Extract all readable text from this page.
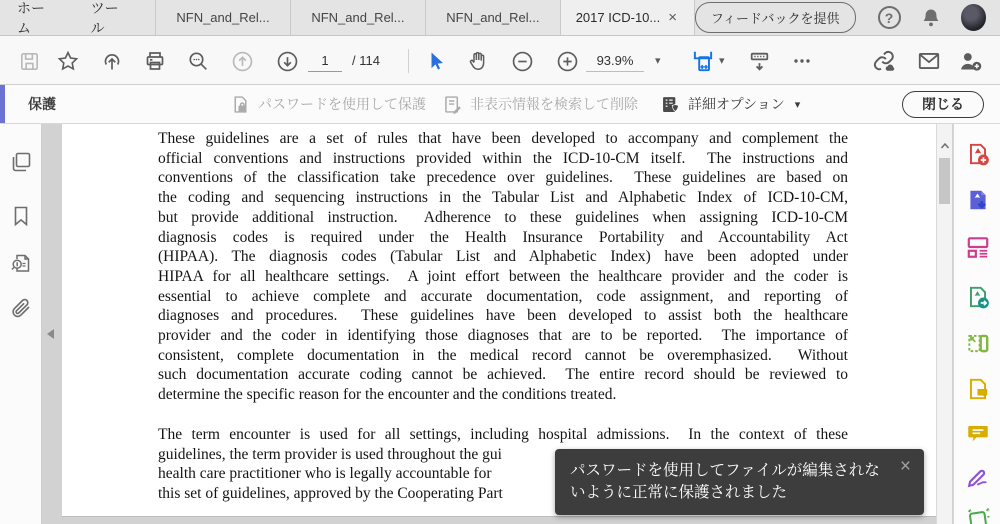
ホーム
ツール
NFN_and_Rel...	NFN_and_Rel...	NFN_and_Rel...	2017 ICD-10... ×	フィードバックを提供	?
1	/ 114	93.9%	▾	▾
保護	パスワードを使用して保護	非表示情報を検索して削除	詳細オプション ▾	閉じる
These guidelines are a set of rules that have been developed to accompany and complement the
official conventions and instructions provided within the ICD-10-CM itself.  The instructions and
conventions of the classification take precedence over guidelines.  These guidelines are based on
the coding and sequencing instructions in the Tabular List and Alphabetic Index of ICD-10-CM,
but provide additional instruction.  Adherence to these guidelines when assigning ICD-10-CM
diagnosis codes is required under the Health Insurance Portability and Accountability Act
(HIPAA). The diagnosis codes (Tabular List and Alphabetic Index) have been adopted under
HIPAA for all healthcare settings.  A joint effort between the healthcare provider and the coder is
essential to achieve complete and accurate documentation, code assignment, and reporting of
diagnoses and procedures.  These guidelines have been developed to assist both the healthcare
provider and the coder in identifying those diagnoses that are to be reported.  The importance of
consistent, complete documentation in the medical record cannot be overemphasized.  Without
such documentation accurate coding cannot be achieved.  The entire record should be reviewed to
determine the specific reason for the encounter and the conditions treated.
The term encounter is used for all settings, including hospital admissions.  In the context of these
guidelines, the term provider is used throughout the gui
health care practitioner who is legally accountable for
this set of guidelines, approved by the Cooperating Part
パスワードを使用してファイルが編集されないように正常に保護されました
×
